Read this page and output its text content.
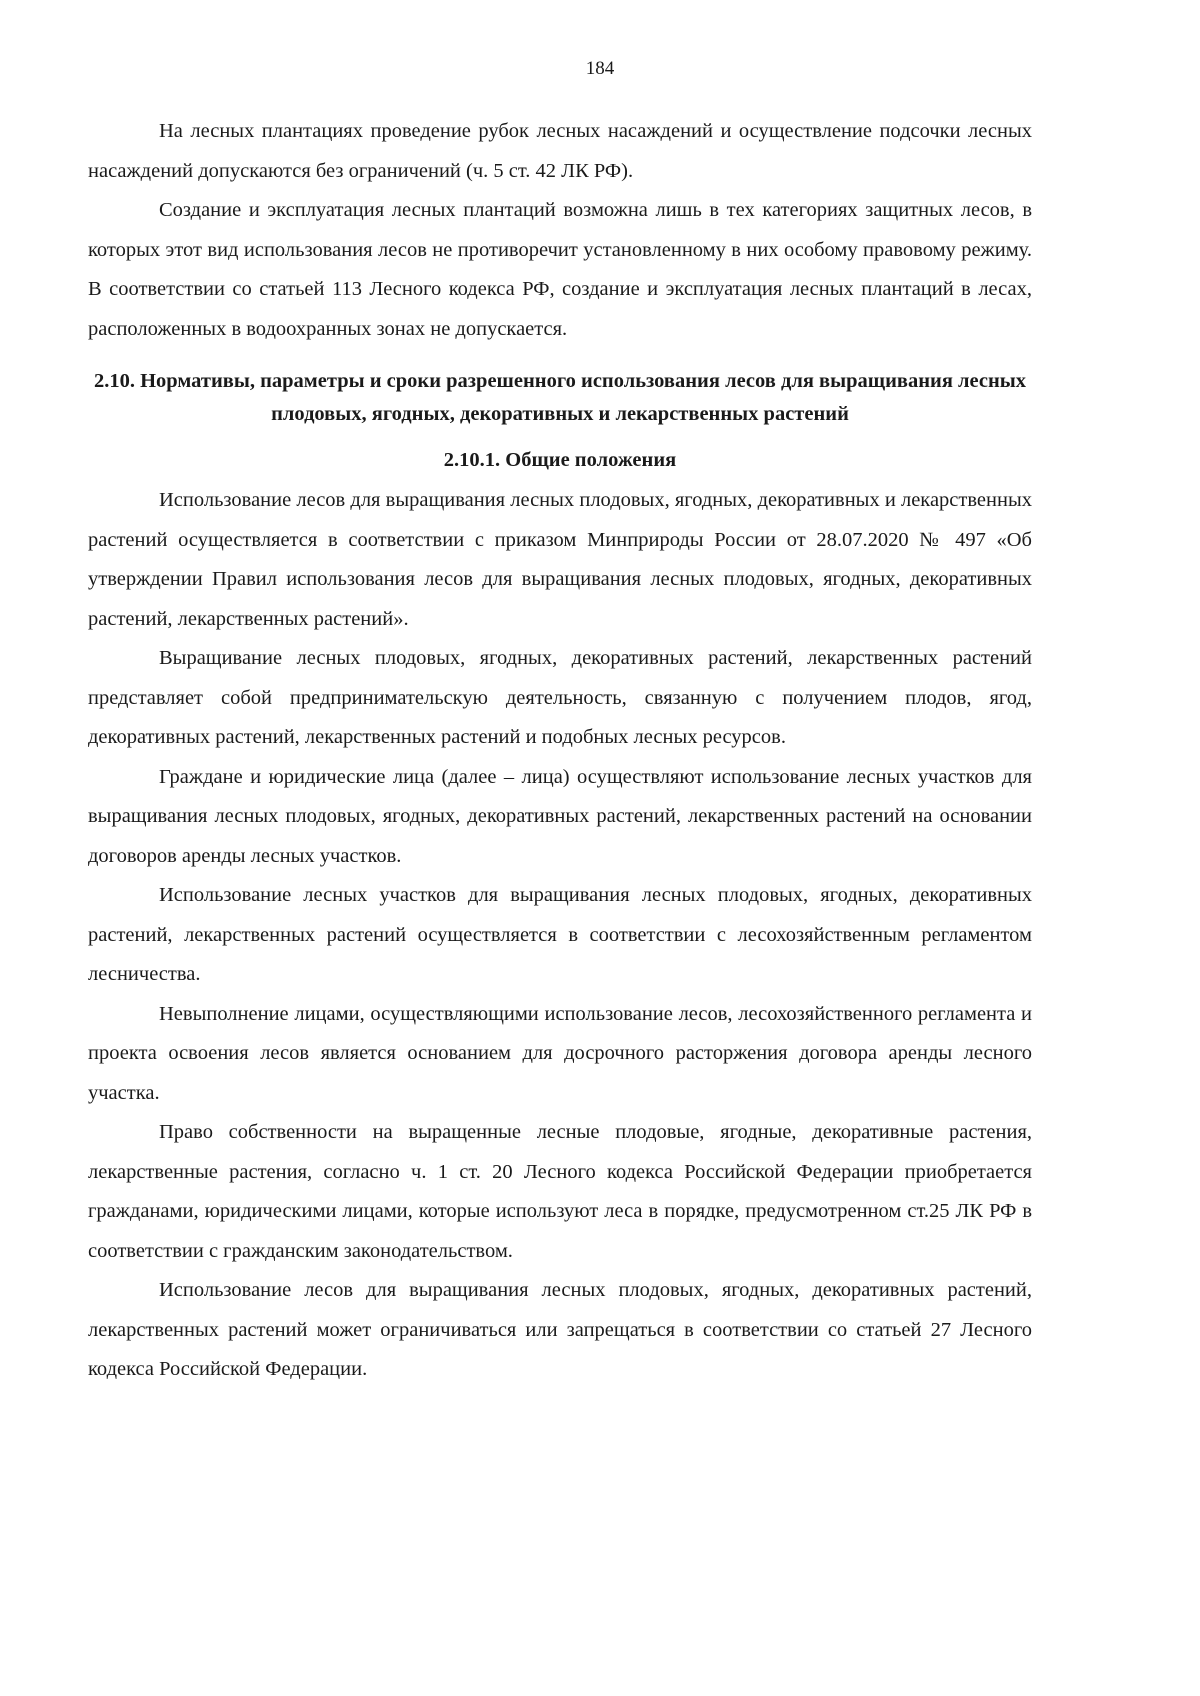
184

На лесных плантациях проведение рубок лесных насаждений и осуществление подсочки лесных насаждений допускаются без ограничений (ч. 5 ст. 42 ЛК РФ).

Создание и эксплуатация лесных плантаций возможна лишь в тех категориях защитных лесов, в которых этот вид использования лесов не противоречит установленному в них особому правовому режиму. В соответствии со статьей 113 Лесного кодекса РФ, создание и эксплуатация лесных плантаций в лесах, расположенных в водоохранных зонах не допускается.

2.10. Нормативы, параметры и сроки разрешенного использования лесов для выращивания лесных плодовых, ягодных, декоративных и лекарственных растений
2.10.1. Общие положения

Использование лесов для выращивания лесных плодовых, ягодных, декоративных и лекарственных растений осуществляется в соответствии с приказом Минприроды России от 28.07.2020 № 497 «Об утверждении Правил использования лесов для выращивания лесных плодовых, ягодных, декоративных растений, лекарственных растений».

Выращивание лесных плодовых, ягодных, декоративных растений, лекарственных растений представляет собой предпринимательскую деятельность, связанную с получением плодов, ягод, декоративных растений, лекарственных растений и подобных лесных ресурсов.

Граждане и юридические лица (далее – лица) осуществляют использование лесных участков для выращивания лесных плодовых, ягодных, декоративных растений, лекарственных растений на основании договоров аренды лесных участков.

Использование лесных участков для выращивания лесных плодовых, ягодных, декоративных растений, лекарственных растений осуществляется в соответствии с лесохозяйственным регламентом лесничества.

Невыполнение лицами, осуществляющими использование лесов, лесохозяйственного регламента и проекта освоения лесов является основанием для досрочного расторжения договора аренды лесного участка.

Право собственности на выращенные лесные плодовые, ягодные, декоративные растения, лекарственные растения, согласно ч. 1 ст. 20 Лесного кодекса Российской Федерации приобретается гражданами, юридическими лицами, которые используют леса в порядке, предусмотренном ст.25 ЛК РФ в соответствии с гражданским законодательством.

Использование лесов для выращивания лесных плодовых, ягодных, декоративных растений, лекарственных растений может ограничиваться или запрещаться в соответствии со статьей 27 Лесного кодекса Российской Федерации.
